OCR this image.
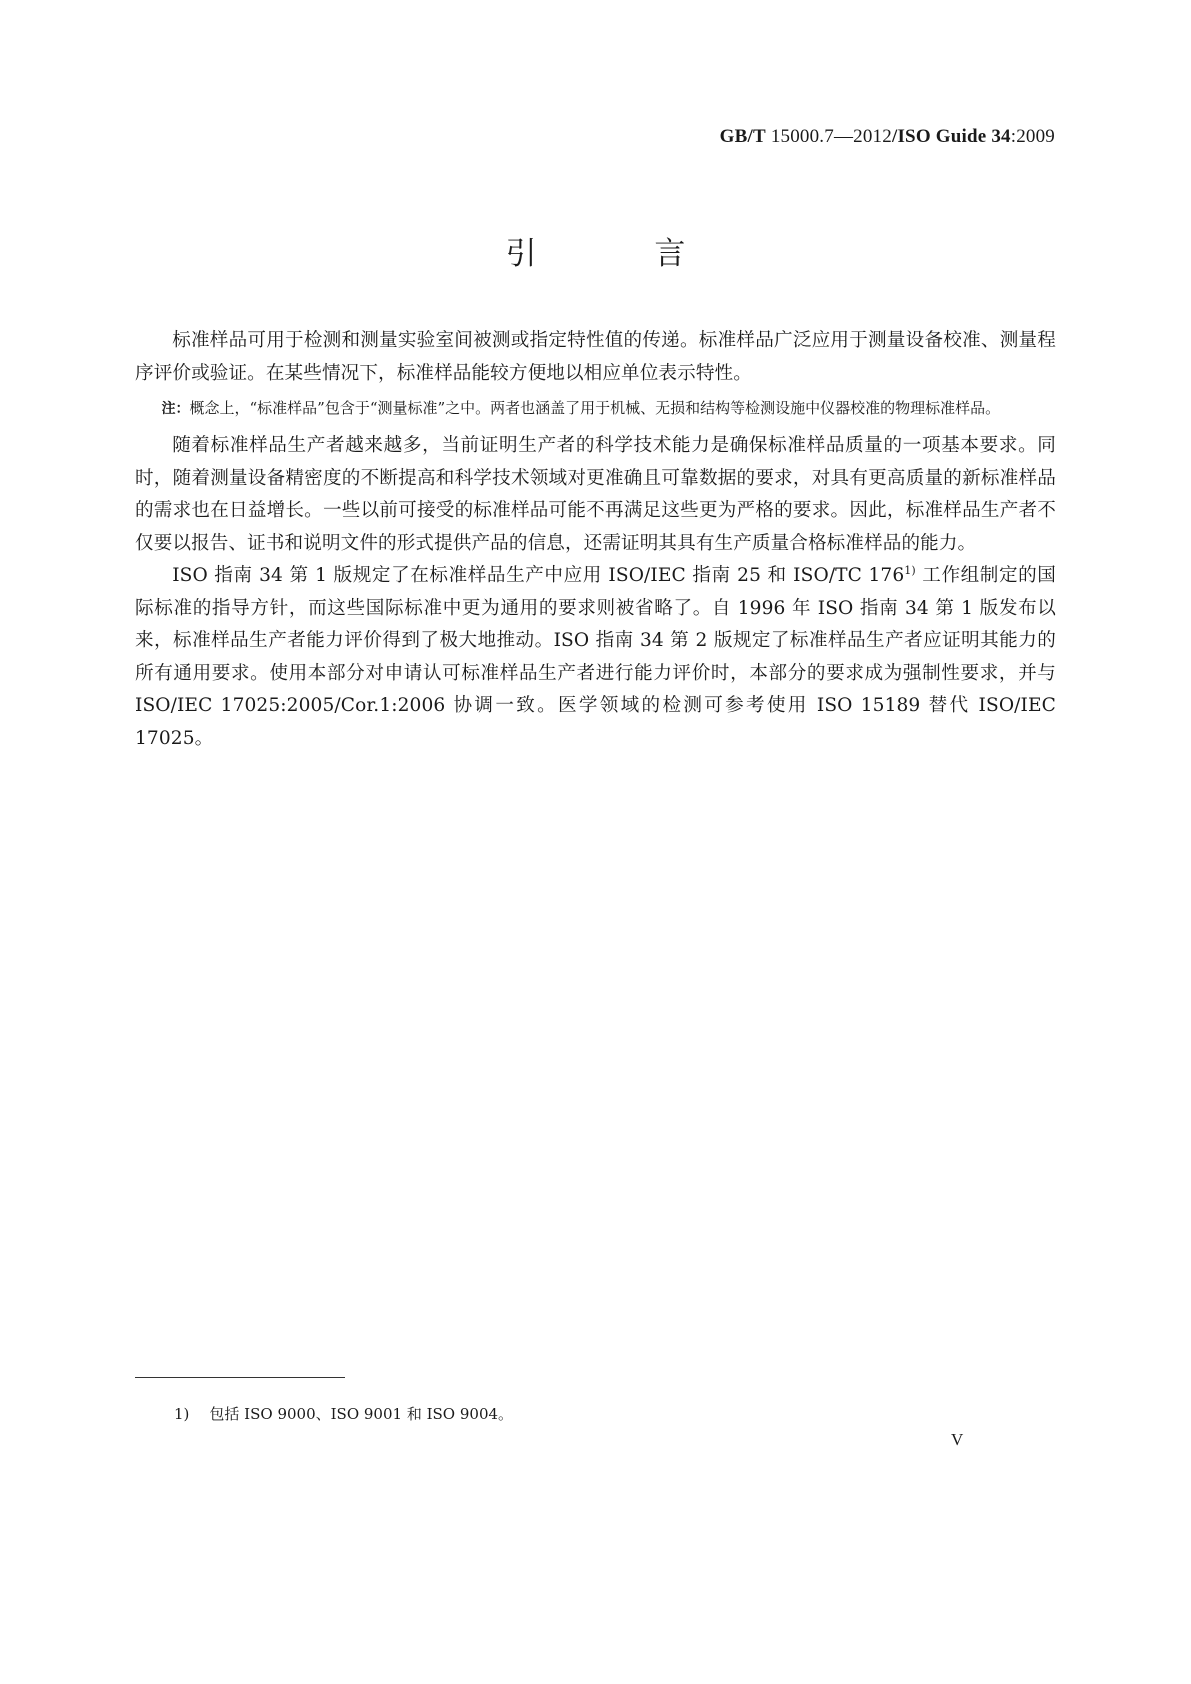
GB/T 15000.7—2012/ISO Guide 34:2009
引 言

标准样品可用于检测和测量实验室间被测或指定特性值的传递。标准样品广泛应用于测量设备校准、测量程序评价或验证。在某些情况下，标准样品能较方便地以相应单位表示特性。

注：概念上，“标准样品”包含于“测量标准”之中。两者也涵盖了用于机械、无损和结构等检测设施中仪器校准的物理标准样品。

随着标准样品生产者越来越多，当前证明生产者的科学技术能力是确保标准样品质量的一项基本要求。同时，随着测量设备精密度的不断提高和科学技术领域对更准确且可靠数据的要求，对具有更高质量的新标准样品的需求也在日益增长。一些以前可接受的标准样品可能不再满足这些更为严格的要求。因此，标准样品生产者不仅要以报告、证书和说明文件的形式提供产品的信息，还需证明其具有生产质量合格标准样品的能力。

ISO 指南 34 第 1 版规定了在标准样品生产中应用 ISO/IEC 指南 25 和 ISO/TC 176$^{1)}$ 工作组制定的国际标准的指导方针，而这些国际标准中更为通用的要求则被省略了。自 1996 年 ISO 指南 34 第 1 版发布以来，标准样品生产者能力评价得到了极大地推动。ISO 指南 34 第 2 版规定了标准样品生产者应证明其能力的所有通用要求。使用本部分对申请认可标准样品生产者进行能力评价时，本部分的要求成为强制性要求，并与 ISO/IEC 17025:2005/Cor.1:2006 协调一致。医学领域的检测可参考使用 ISO 15189 替代 ISO/IEC 17025。

1) 包括 ISO 9000、ISO 9001 和 ISO 9004。
V
